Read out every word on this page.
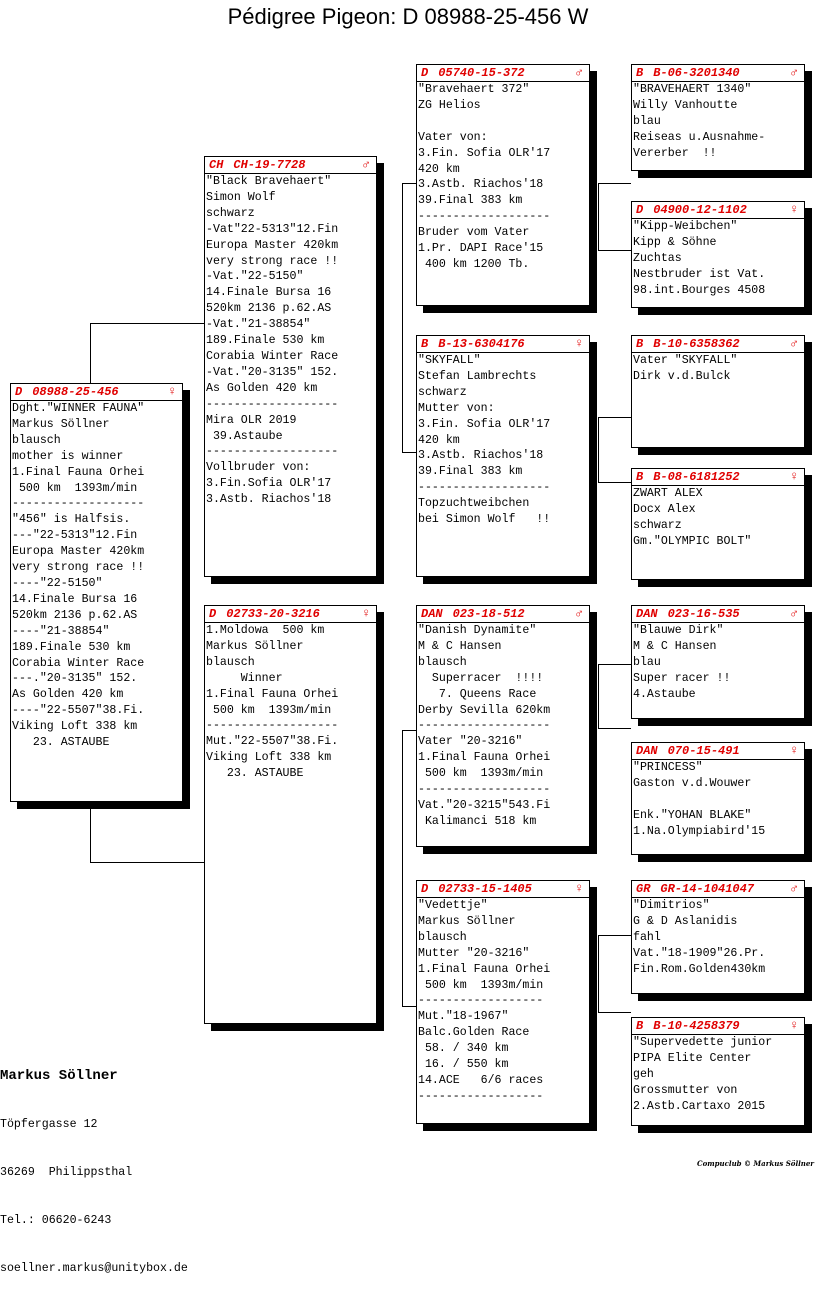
Pédigree Pigeon: D 08988-25-456 W
D 08988-25-456	♀
Dght."WINNER FAUNA"
Markus Söllner
blausch
mother is winner
1.Final Fauna Orhei
500 km  1393m/min
-------------------
"456" is Halfsis.
---"22-5313"12.Fin
Europa Master 420km
very strong race !!
----"22-5150"
14.Finale Bursa 16
520km 2136 p.62.AS
----"21-38854"
189.Finale 530 km
Corabia Winter Race
---."20-3135" 152.
As Golden 420 km
----"22-5507"38.Fi.
Viking Loft 338 km
23. ASTAUBE
CH CH-19-7728	♂
"Black Bravehaert"
Simon Wolf
schwarz
-Vat"22-5313"12.Fin
Europa Master 420km
very strong race !!
-Vat."22-5150"
14.Finale Bursa 16
520km 2136 p.62.AS
-Vat."21-38854"
189.Finale 530 km
Corabia Winter Race
-Vat."20-3135" 152.
As Golden 420 km
-------------------
Mira OLR 2019
39.Astaube
-------------------
Vollbruder von:
3.Fin.Sofia OLR'17
3.Astb. Riachos'18
D 02733-20-3216	♀
1.Moldowa  500 km
Markus Söllner
blausch
Winner
1.Final Fauna Orhei
500 km  1393m/min
-------------------
Mut."22-5507"38.Fi.
Viking Loft 338 km
23. ASTAUBE
D 05740-15-372	♂
"Bravehaert 372"
ZG Helios

Vater von:
3.Fin. Sofia OLR'17
420 km
3.Astb. Riachos'18
39.Final 383 km
-------------------
Bruder vom Vater
1.Pr. DAPI Race'15
400 km 1200 Tb.
B B-13-6304176	♀
"SKYFALL"
Stefan Lambrechts
schwarz
Mutter von:
3.Fin. Sofia OLR'17
420 km
3.Astb. Riachos'18
39.Final 383 km
-------------------
Topzuchtweibchen
bei Simon Wolf   !!
DAN 023-18-512	♂
"Danish Dynamite"
M & C Hansen
blausch
Superracer  !!!!
7. Queens Race
Derby Sevilla 620km
-------------------
Vater "20-3216"
1.Final Fauna Orhei
500 km  1393m/min
-------------------
Vat."20-3215"543.Fi
Kalimanci 518 km
D 02733-15-1405	♀
"Vedettje"
Markus Söllner
blausch
Mutter "20-3216"
1.Final Fauna Orhei
500 km  1393m/min
------------------
Mut."18-1967"
Balc.Golden Race
58. / 340 km
16. / 550 km
14.ACE   6/6 races
------------------
B B-06-3201340	♂
"BRAVEHAERT 1340"
Willy Vanhoutte
blau
Reiseas u.Ausnahme-
Vererber  !!
D 04900-12-1102	♀
"Kipp-Weibchen"
Kipp & Söhne
Zuchtas
Nestbruder ist Vat.
98.int.Bourges 4508
B B-10-6358362	♂
Vater "SKYFALL"
Dirk v.d.Bulck
B B-08-6181252	♀
ZWART ALEX
Docx Alex
schwarz
Gm."OLYMPIC BOLT"
DAN 023-16-535	♂
"Blauwe Dirk"
M & C Hansen
blau
Super racer !!
4.Astaube
DAN 070-15-491	♀
"PRINCESS"
Gaston v.d.Wouwer

Enk."YOHAN BLAKE"
1.Na.Olympiabird'15
GR GR-14-1041047	♂
"Dimitrios"
G & D Aslanidis
fahl
Vat."18-1909"26.Pr.
Fin.Rom.Golden430km
B B-10-4258379	♀
"Supervedette junior
PIPA Elite Center
geh
Grossmutter von
2.Astb.Cartaxo 2015

Markus Söllner

Töpfergasse 12

36269  Philippsthal

Tel.: 06620-6243

soellner.markus@unitybox.de

Compuclub © Markus Söllner
